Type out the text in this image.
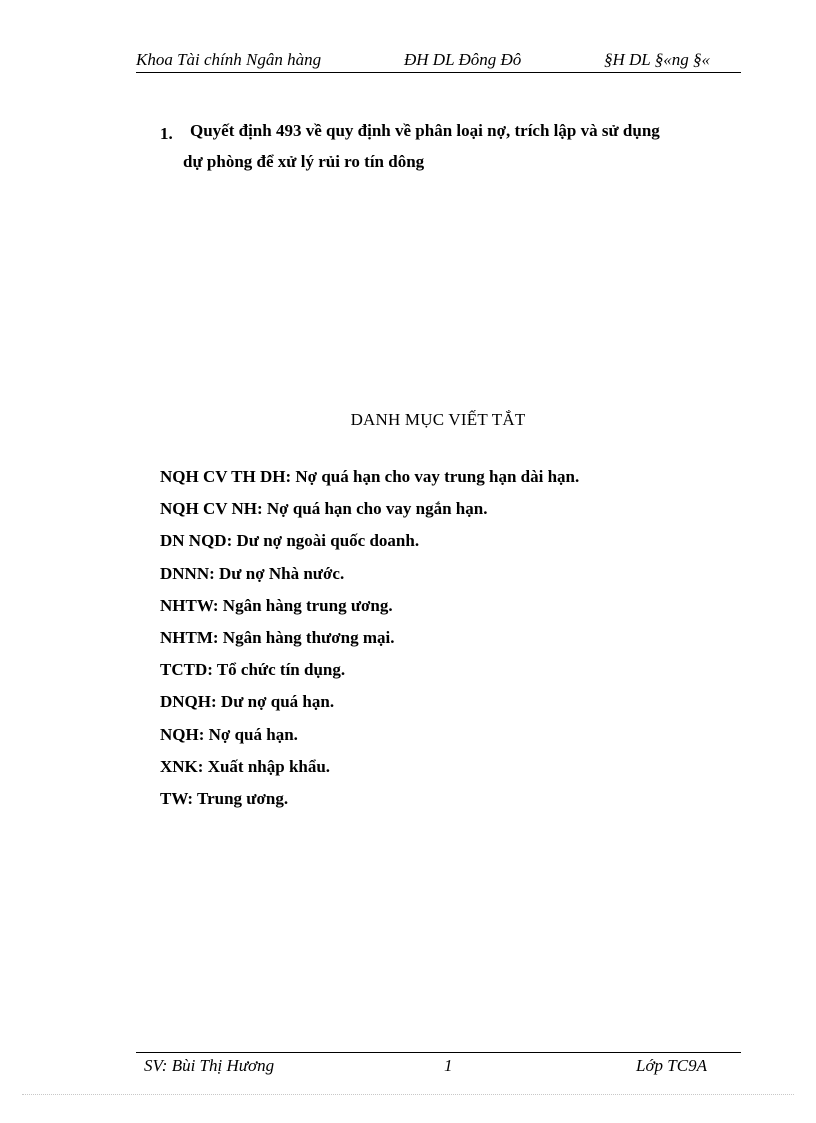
Khoa Tài chính Ngân hàng	ĐH DL Đông Đô	§H DL §«ng §«
1.	Quyết định 493 về quy định về phân loại nợ, trích lập và sử dụng
dự phòng để xử lý rủi ro tín dông
DANH MỤC VIẾT TẮT
NQH CV TH DH: Nợ quá hạn cho vay trung hạn dài hạn.
NQH CV NH: Nợ quá hạn cho vay ngắn hạn.
DN NQD: Dư nợ ngoài quốc doanh.
DNNN: Dư nợ Nhà nước.
NHTW: Ngân hàng trung ương.
NHTM: Ngân hàng thương mại.
TCTD: Tổ chức tín dụng.
DNQH: Dư nợ quá hạn.
NQH: Nợ quá hạn.
XNK: Xuất nhập khẩu.
TW: Trung ương.
SV: Bùi Thị Hương	1	Lớp TC9A
